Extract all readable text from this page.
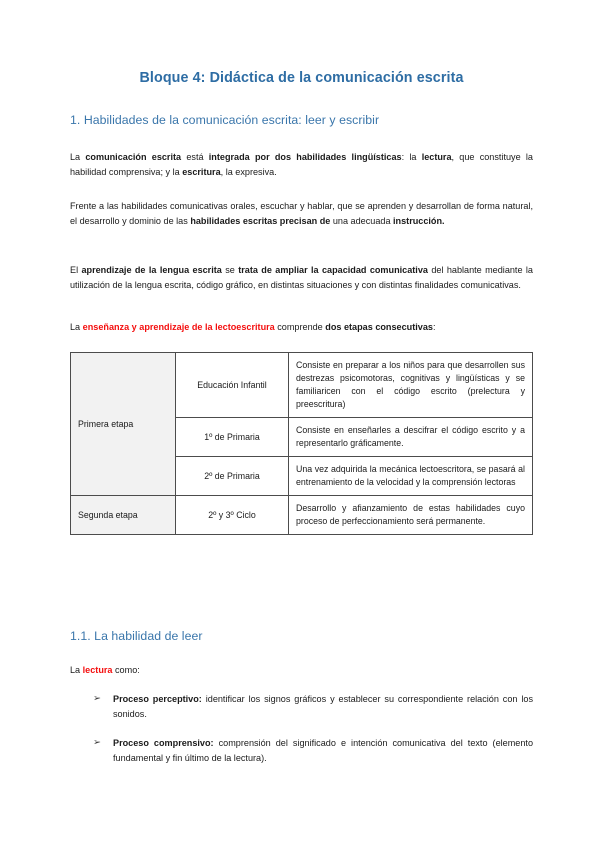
Bloque 4: Didáctica de la comunicación escrita
1. Habilidades de la comunicación escrita: leer y escribir

La comunicación escrita está integrada por dos habilidades lingüísticas: la lectura, que constituye la habilidad comprensiva; y la escritura, la expresiva.

Frente a las habilidades comunicativas orales, escuchar y hablar, que se aprenden y desarrollan de forma natural, el desarrollo y dominio de las habilidades escritas precisan de una adecuada instrucción.

El aprendizaje de la lengua escrita se trata de ampliar la capacidad comunicativa del hablante mediante la utilización de la lengua escrita, código gráfico, en distintas situaciones y con distintas finalidades comunicativas.

La enseñanza y aprendizaje de la lectoescritura comprende dos etapas consecutivas:

Primera etapa	Educación Infantil	Consiste en preparar a los niños para que desarrollen sus destrezas psicomotoras, cognitivas y lingüísticas y se familiaricen con el código escrito (prelectura y preescritura)
	1º de Primaria	Consiste en enseñarles a descifrar el código escrito y a representarlo gráficamente.
	2º de Primaria	Una vez adquirida la mecánica lectoescritora, se pasará al entrenamiento de la velocidad y la comprensión lectoras
Segunda etapa	2º y 3º Ciclo	Desarrollo y afianzamiento de estas habilidades cuyo proceso de perfeccionamiento será permanente.
1.1. La habilidad de leer

La lectura como:

➢ Proceso perceptivo: identificar los signos gráficos y establecer su correspondiente relación con los sonidos.
➢ Proceso comprensivo: comprensión del significado e intención comunicativa del texto (elemento fundamental y fin último de la lectura).
